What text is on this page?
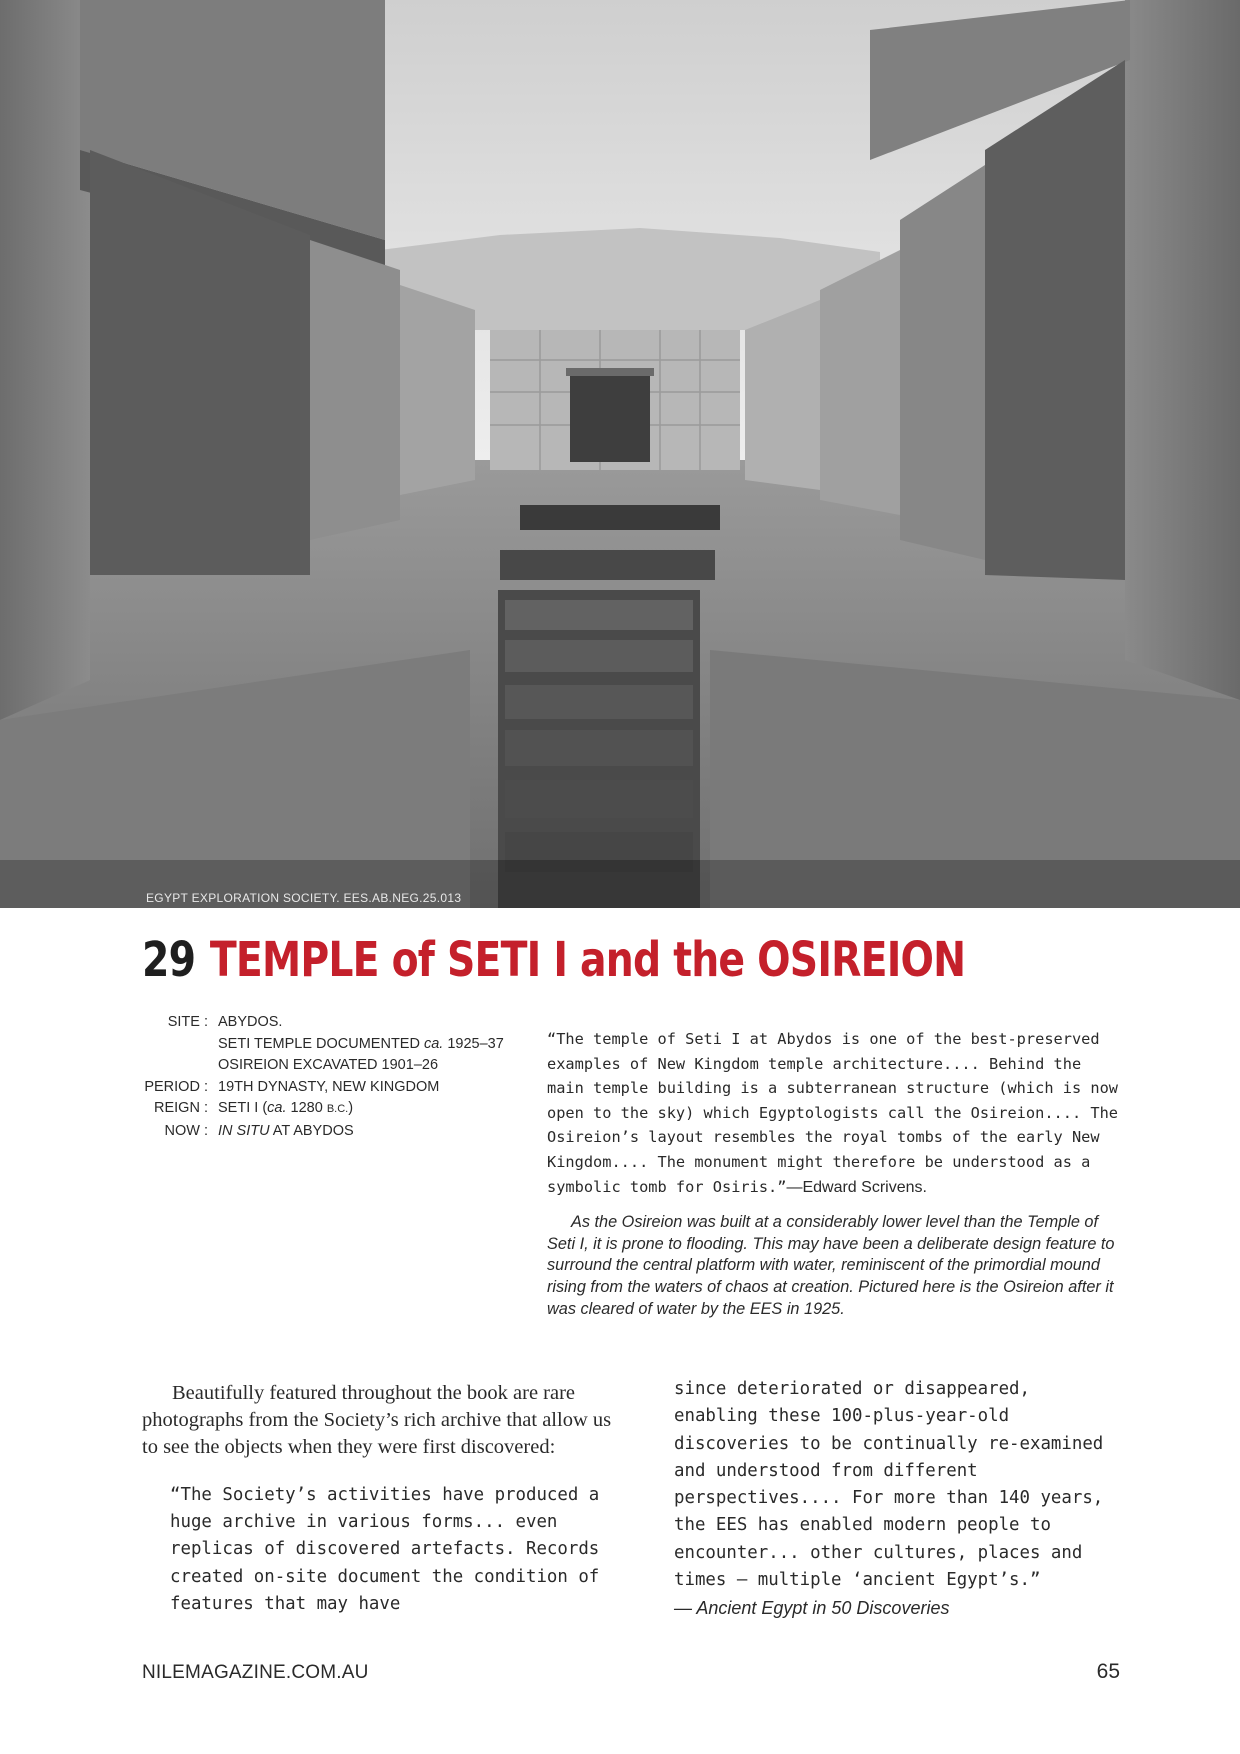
EGYPT EXPLORATION SOCIETY. EES.AB.NEG.25.013
29 TEMPLE of SETI I and the OSIREION
SITE : ABYDOS.
SETI TEMPLE DOCUMENTED ca. 1925–37
OSIREION EXCAVATED 1901–26
PERIOD : 19TH DYNASTY, NEW KINGDOM
REIGN : SETI I (ca. 1280 B.C.)
NOW : IN SITU AT ABYDOS
“The temple of Seti I at Abydos is one of the best-preserved examples of New Kingdom temple architecture.... Behind the main temple building is a subterranean structure (which is now open to the sky) which Egyptologists call the Osireion.... The Osireion’s layout resembles the royal tombs of the early New Kingdom.... The monument might therefore be understood as a symbolic tomb for Osiris.”—Edward Scrivens.

As the Osireion was built at a considerably lower level than the Temple of Seti I, it is prone to flooding. This may have been a deliberate design feature to surround the central platform with water, reminiscent of the primordial mound rising from the waters of chaos at creation. Pictured here is the Osireion after it was cleared of water by the EES in 1925.

Beautifully featured throughout the book are rare photographs from the Society’s rich archive that allow us to see the objects when they were first discovered:

“The Society’s activities have produced a huge archive in various forms... even replicas of discovered artefacts. Records created on-site document the condition of features that may have

since deteriorated or disappeared, enabling these 100-plus-year-old discoveries to be continually re-examined and understood from different perspectives.... For more than 140 years, the EES has enabled modern people to encounter... other cultures, places and times – multiple ‘ancient Egypt’s.”

— Ancient Egypt in 50 Discoveries

NILEMAGAZINE.COM.AU	65
